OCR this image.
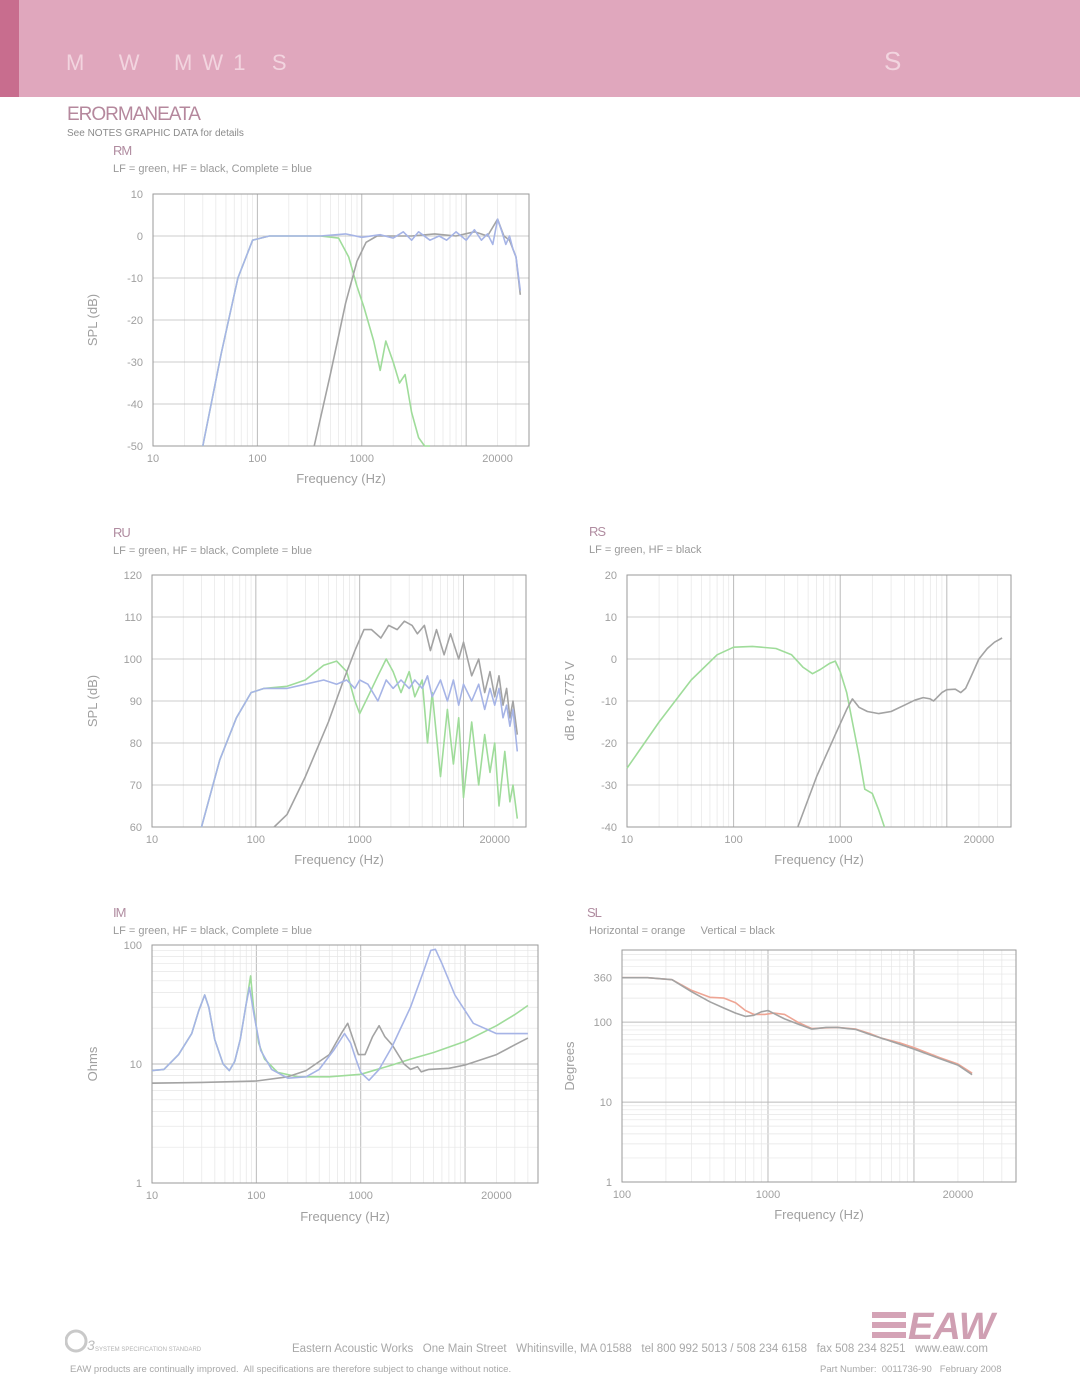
M    W    M W 1   S	S
ERORMANEATA
See NOTES GRAPHIC DATA for details
RM
LF = green, HF = black, Complete = blue
RU
LF = green, HF = black, Complete = blue
RS
LF = green, HF = black
IM
LF = green, HF = black, Complete = blue
SL
Horizontal = orange     Vertical = black
10
0
-10
-20
-30
-40
-50
10	100	1000	20000
Frequency (Hz)
SPL (dB)
120
110
100
90
80
70
60
10	100	1000	20000
Frequency (Hz)
SPL (dB)
20
10
0
-10
-20
-30
-40
10	100	1000	20000
Frequency (Hz)
dB re 0.775 V
100
10
1
10	100	1000	20000
Frequency (Hz)
Ohms
360
100
10
1
100	1000	20000
Frequency (Hz)
Degrees
EAW
3 SYSTEM SPECIFICATION STANDARD	Eastern Acoustic Works   One Main Street   Whitinsville, MA 01588   tel 800 992 5013 / 508 234 6158   fax 508 234 8251   www.eaw.com
EAW products are continually improved.  All specifications are therefore subject to change without notice.	Part Number:  0011736-90   February 2008
